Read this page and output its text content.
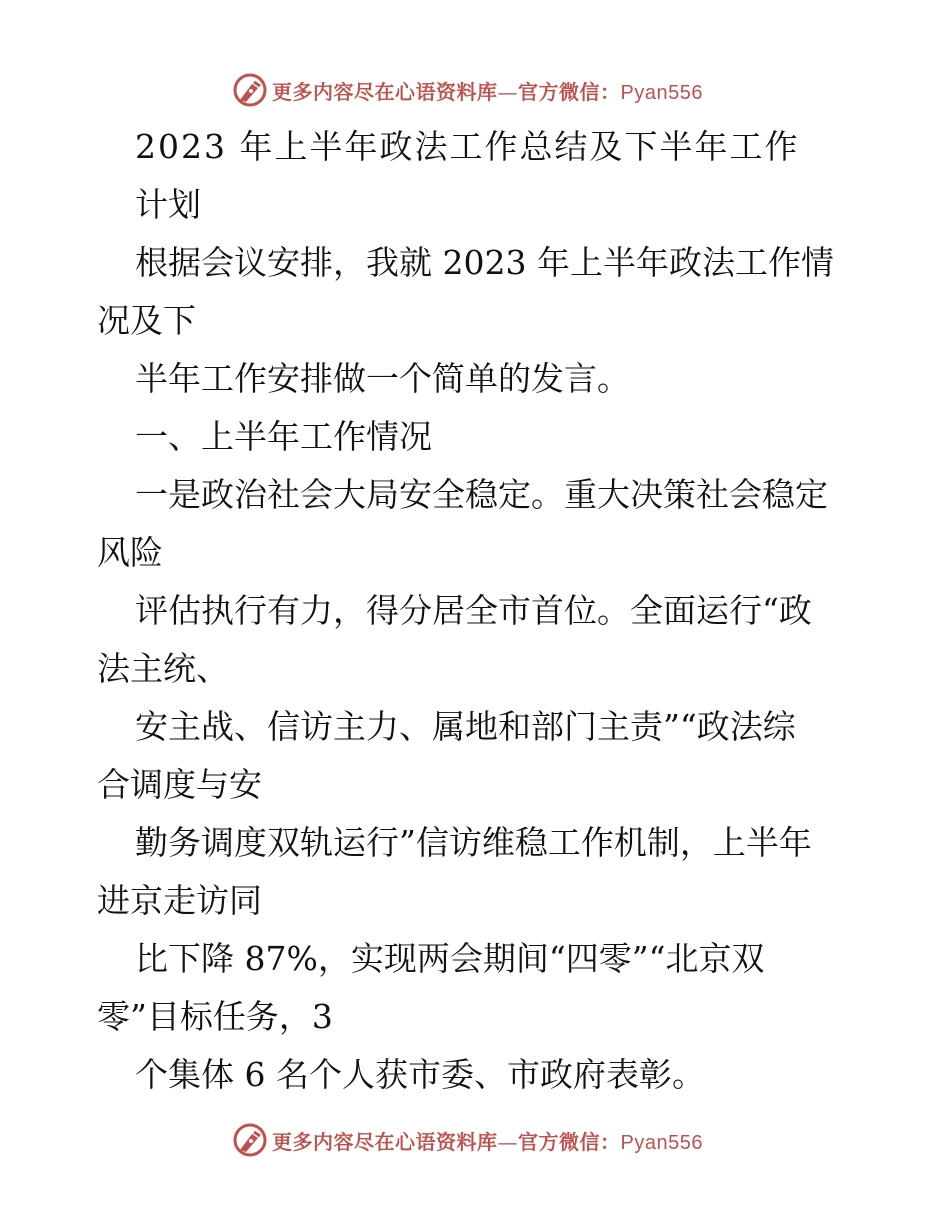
更多内容尽在心语资料库—官方微信：Pyan556
2023 年上半年政法工作总结及下半年工作
计划
根据会议安排，我就 2023 年上半年政法工作情
况及下
半年工作安排做一个简单的发言。
一、上半年工作情况
一是政治社会大局安全稳定。重大决策社会稳定
风险
评估执行有力，得分居全市首位。全面运行“政
法主统、
安主战、信访主力、属地和部门主责”“政法综
合调度与安
勤务调度双轨运行”信访维稳工作机制，上半年
进京走访同
比下降 87%，实现两会期间“四零”“北京双
零”目标任务，3
个集体 6 名个人获市委、市政府表彰。
更多内容尽在心语资料库—官方微信：Pyan556
